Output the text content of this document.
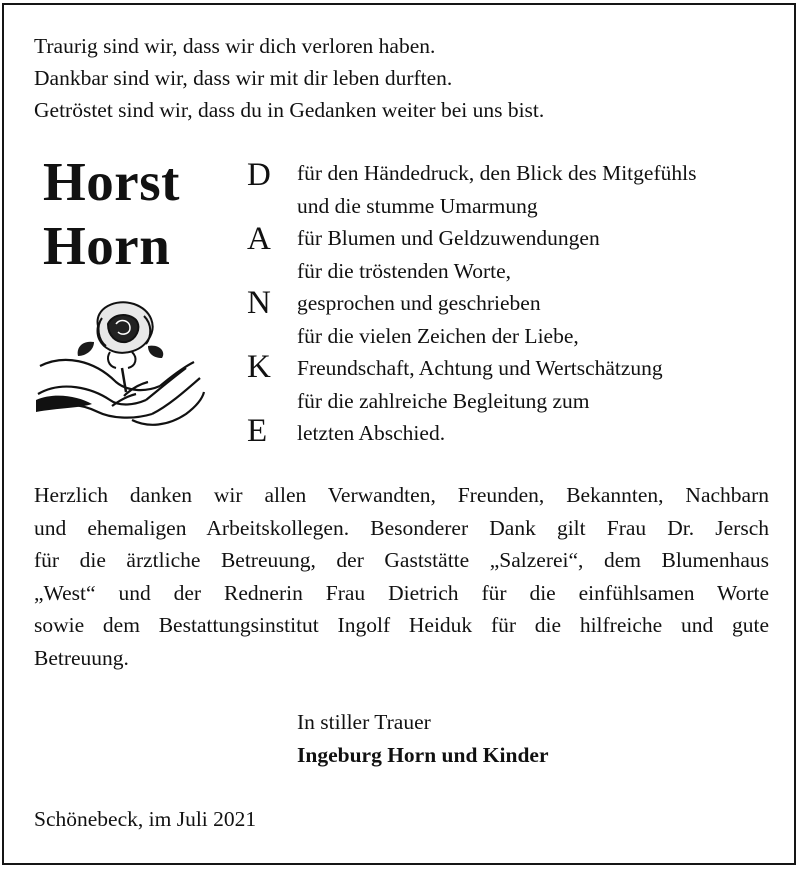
Traurig sind wir, dass wir dich verloren haben.
Dankbar sind wir, dass wir mit dir leben durften.
Getröstet sind wir, dass du in Gedanken weiter bei uns bist.
Horst
Horn
D
A
N
K
E
für den Händedruck, den Blick des Mitgefühls
und die stumme Umarmung
für Blumen und Geldzuwendungen
für die tröstenden Worte,
gesprochen und geschrieben
für die vielen Zeichen der Liebe,
Freundschaft, Achtung und Wertschätzung
für die zahlreiche Begleitung zum
letzten Abschied.
Herzlich danken wir allen Verwandten, Freunden, Bekannten, Nachbarn
und ehemaligen Arbeitskollegen. Besonderer Dank gilt Frau Dr. Jersch
für die ärztliche Betreuung, der Gaststätte „Salzerei“, dem Blumenhaus
„West“ und der Rednerin Frau Dietrich für die einfühlsamen Worte
sowie dem Bestattungsinstitut Ingolf Heiduk für die hilfreiche und gute
Betreuung.
In stiller Trauer
Ingeburg Horn und Kinder
Schönebeck, im Juli 2021
